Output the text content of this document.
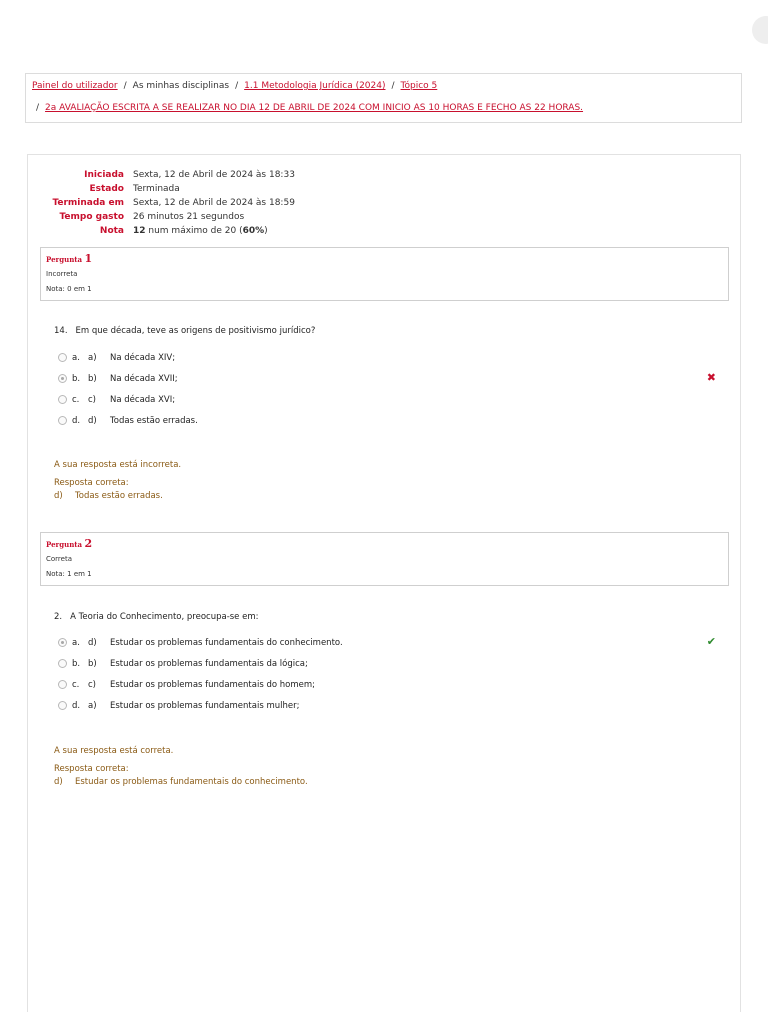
Painel do utilizador / As minhas disciplinas / 1.1 Metodologia Jurídica (2024) / Tópico 5
/ 2a AVALIAÇÃO ESCRITA A SE REALIZAR NO DIA 12 DE ABRIL DE 2024 COM INICIO AS 10 HORAS E FECHO AS 22 HORAS.
Iniciada	Sexta, 12 de Abril de 2024 às 18:33
Estado	Terminada
Terminada em	Sexta, 12 de Abril de 2024 às 18:59
Tempo gasto	26 minutos 21 segundos
Nota	12 num máximo de 20 (60%)
Pergunta 1
Incorreta
Nota: 0 em 1
14. Em que década, teve as origens de positivismo jurídico?
a. a)	Na década XIV;
b. b)	Na década XVII;	✖
c.	c)	Na década XVI;
d. d)	Todas estão erradas.
A sua resposta está incorreta.
Resposta correta:
d) Todas estão erradas.
Pergunta 2
Correta
Nota: 1 em 1
2. A Teoria do Conhecimento, preocupa-se em:
a. d)	Estudar os problemas fundamentais do conhecimento.	✔
b. b)	Estudar os problemas fundamentais da lógica;
c.	c)	Estudar os problemas fundamentais do homem;
d. a)	Estudar os problemas fundamentais mulher;
A sua resposta está correta.
Resposta correta:
d) Estudar os problemas fundamentais do conhecimento.
